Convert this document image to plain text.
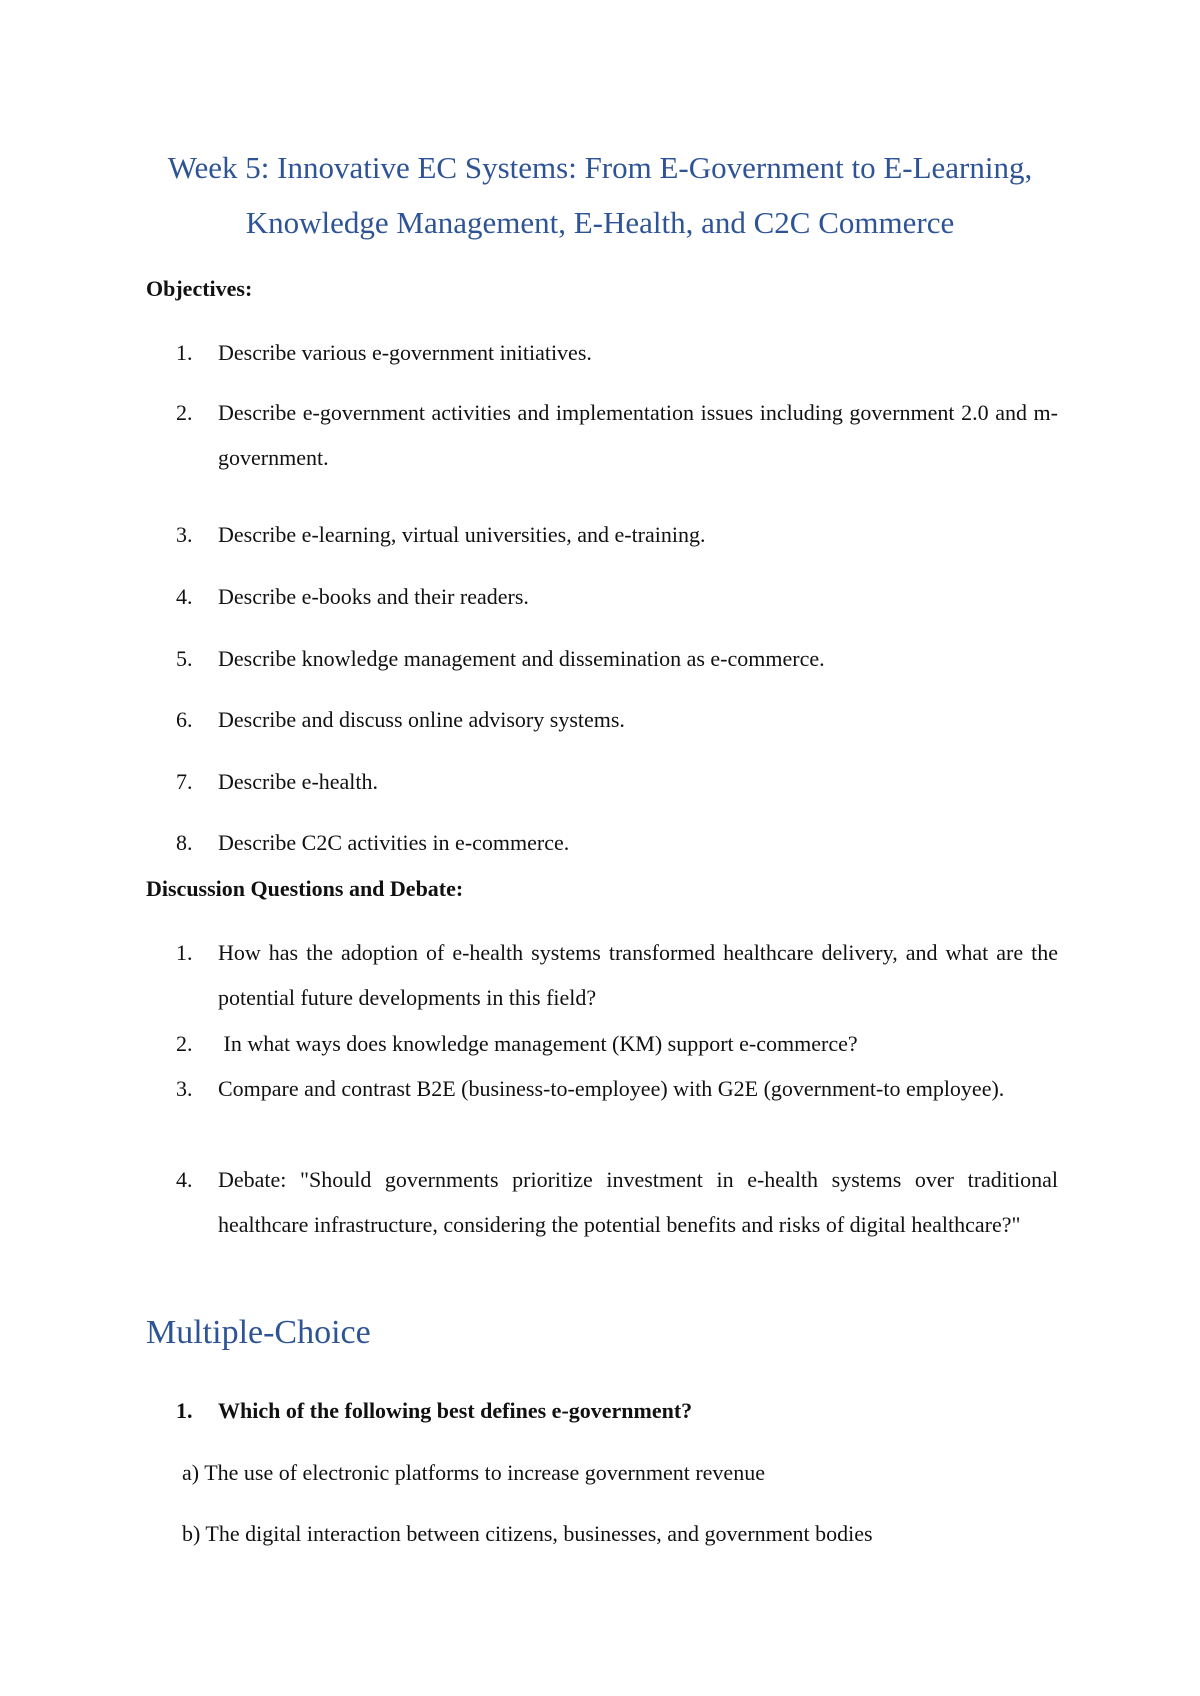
Week 5: Innovative EC Systems: From E-Government to E-Learning,
Knowledge Management, E-Health, and C2C Commerce
Objectives:
1.	Describe various e-government initiatives.
2.	Describe e-government activities and implementation issues including government 2.0 and m-government.
3.	Describe e-learning, virtual universities, and e-training.
4.	Describe e-books and their readers.
5.	Describe knowledge management and dissemination as e-commerce.
6.	Describe and discuss online advisory systems.
7.	Describe e-health.
8.	Describe C2C activities in e-commerce.
Discussion Questions and Debate:
1.	How has the adoption of e-health systems transformed healthcare delivery, and what are the potential future developments in this field?
2.	In what ways does knowledge management (KM) support e-commerce?
3.	Compare and contrast B2E (business-to-employee) with G2E (government-to employee).
4.	Debate: "Should governments prioritize investment in e-health systems over traditional healthcare infrastructure, considering the potential benefits and risks of digital healthcare?"
Multiple-Choice
1.	Which of the following best defines e-government?
a) The use of electronic platforms to increase government revenue
b) The digital interaction between citizens, businesses, and government bodies
